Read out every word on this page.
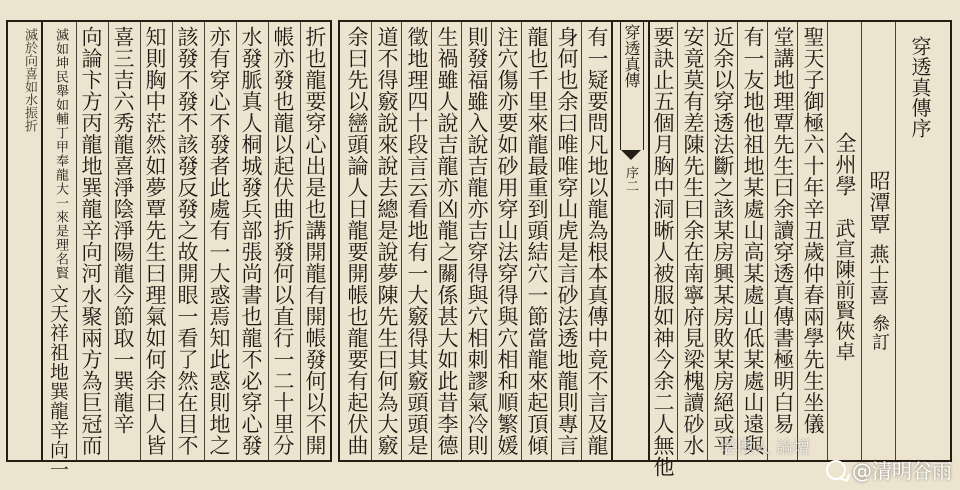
滅於向喜如水振折	折也龍要穿心出是也講開龍有開帳發何以不開
帳亦發也龍以起伏曲折發何以直行一二十里分
水發脈真人桐城發兵部張尚書也龍不必穿心發
亦有穿心不發者此處有一大惑焉知此惑則地之
該發不發不該發反發之故開眼一看了然在目不
知則胸中茫然如夢覃先生曰理氣如何余曰人皆
喜三吉六秀龍喜淨陰淨陽龍今節取一巽龍辛
向論卞方丙龍地巽龍辛向河水聚兩方為巨冠而
滅如坤民舉如輔丁甲奉龍大一來是理名賢
文天祥祖地巽龍辛向一	余曰先以巒頭論人日龍要開帳也龍要有起伏曲 道不得竅說來說去總是說夢陳先生曰何為大竅 徵地理四十段言云看地有一大竅得其竅頭頭是 生禍雖人說吉龍亦凶龍之關係甚大如此昔李德 則發福雖入說吉龍亦吉穿得與穴相刺謬氣冷則 注穴傷亦要如砂用穿山法穿得與穴相和順繁媛 龍也千里來龍最重到頭結穴一節當龍來起頂傾 身何也余曰唯唯穿山虎是言砂法透地龍則專言 有一疑要問凡地以龍為根本真傳中竟不言及龍 穿透真傳
序二 要訣止五個月胸中洞晰人被服如神今余二人無他 安竟莫有差陳先生曰余在南寧府見梁槐讀砂水 近余以穿透法斷之該某房興某房敗某房絕或平 有一友地他祖地某處山高某處山低某處山遠與 堂講地理覃先生曰余讀穿透真傳書極明白易 聖天子御極六十年辛丑歲仲春兩學先生坐儀 全州學
武宣陳前賢俠卓
昭潭覃
燕士喜
叅訂
穿透真傳序
堪輿人 論壇
@清明谷雨
